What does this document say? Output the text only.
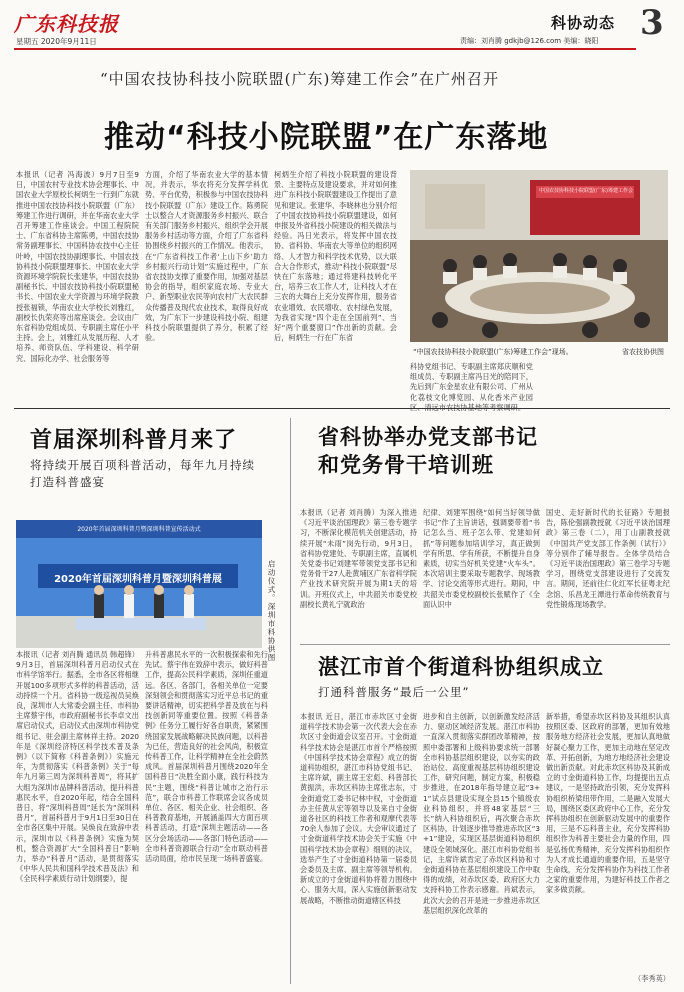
广东科技报
星期五 2020年9月11日
科协动态 3
责编：刘肖腾 gdkjb@126.com 美编：晓阳
“中国农技协科技小院联盟(广东)筹建工作会”在广州召开
推动“科技小院联盟”在广东落地
本报讯（记者 冯海波）9月7日至9日，中国农村专业技术协会理事长、中国农业大学原校长柯炳生一行到广东就推进中国农技协科技小院联盟（广东）筹建工作进行调研，并在华南农业大学召开筹建工作座谈会。中国工程院院士、广东省科协主席陈勇，中国农技协常务副理事长、中国科协农技中心主任叶岭，中国农技协副理事长、中国农技协科技小院联盟理事长、中国农业大学资源环境学院院长张建华，中国农技协副秘书长、中国农技协科技小院联盟秘书长、中国农业大学资源与环境学院教授张福锁，华南农业大学校长刘雅红，副校长仇荣亮等出席座谈会。会议由广东省科协党组成员、专职副主席任小平主持。会上，刘雅红从发展历程、人才培养、师资队伍、学科建设、科学研究、国际化办学、社会服务等
方面，介绍了华南农业大学的基本情况，并表示，华农将充分发挥学科优势、平台优势，积极参与中国农技协科技小院联盟（广东）建设工作。陈勇院士以整合人才资源服务乡村振兴、联合有关部门服务乡村振兴、组织学会开展服务乡村活动等方面，介绍了广东省科协围绕乡村振兴的工作情况。他表示，在“广东省科技工作者‘上山下乡’助力乡村振兴行动计划”实施过程中，广东省农技协支撑了重要作用，加强对基层协会的指导，组织家庭农场、专业大户、新型职业农民等向农村广大农民群众传播普及现代农业技术，取得良好成效，为广东下一步建设科技小院、组建科技小院联盟提供了养分，积累了经验。
柯炳生介绍了科技小院联盟的建设背景、主要特点及建设要求，并对如何推进广东科技小院联盟建设工作提出了意见和建议。张建华、李晓林也分别介绍了中国农技协科技小院联盟建设，如何申报及外省科技小院建设的相关做法与经验。冯日光表示，将发挥中国农技协、省科协、华南农大等单位的组织网络、人才智力和科学技术优势，以大联合大合作形式，推动“科技小院联盟”尽快在广东落地；通过将建科技转化平台，培养三农工作人才，让科技人才在三农的大舞台上充分发挥作用，服务省农业增效、农民增收、农村绿色发展，为我省实现“四个走在全国前列”、当好“两个重要窗口”作出新的贡献。会后，柯炳生一行在广东省
中国农技协科技小院联盟(广东)筹建工作会
“中国农技协科技小院联盟(广东)筹建工作会”现场。	省农技协供图
科协党组书记、专职副主席郑庆顺和党组成员、专职副主席冯日光的陪同下，先后到广东金星农业有限公司、广州从化荔枝文化博览园、从化香米产业园
首届深圳科普月来了
将持续开展百项科普活动，每年九月持续
打造科普盛宴
2020年首届深圳科普月暨深圳科普宣传活动式
2020年首届深圳科普月暨深圳科普展	启动仪式。深圳市科协供图
本报讯（记者 刘肖腾 通讯员 韩超锋）9月3日，首届深圳科普月启动仪式在市科学馆举行。据悉，全市各区将相继开展100多项形式多样的科普活动，活动持续一个月。省科协一级巡视员吴焕良，深圳市人大常委会副主任、市科协主席蔡宇伟，市政府副秘书长李卓文出席启动仪式，启动仪式由深圳市科协党组书记、驻会副主席林祥主持。2020年是《深圳经济特区科学技术普及条例》（以下简称《科普条例》）实施元年，为贯彻落实《科普条例》关于“每年九月第三周为深圳科普周”，将其扩大组为深圳市品牌科普活动，提升科普惠民水平，自2020年起，结合全国科普日，将“深圳科普周”延长为“深圳科普月”，首届科普月于9月1日至30日在全市各区集中开展。吴焕良在致辞中表示，深圳市以《科普条例》实施为契机，整合资源扩大“全国科普日”影响力，举办“科普月”活动，是贯彻落实《中华人民共和国科学技术普及法》和《全民科学素质行动计划纲要》，提
升科普惠民水平的一次积极探索和先行先试。蔡宇伟在致辞中表示，做好科普工作，提高公民科学素质，深圳任重道远。各区、各部门，各相关单位一定要深刻领会和贯彻落实习近平总书记的重要讲话精神，切实把科学普及放在与科技创新同等重要位置。按照《科普条例》任务分工履行好各自职责，紧紧围绕国家发展战略解决民族问题，以科普为已任，营造良好的社会风尚，积极宣传科普工作，让科学精神在全社会蔚然成风。首届深圳科普月围绕2020年全国科普日“决胜全面小康，践行科技为民”主题，围绕“科普让城市之治行示范”，联合市科普工作联席会议各成员单位、各区、相关企业、社会组织、各科普教育基地，开展涵盖四大方面百项科普活动，打造“深圳主题活动——各区分会场活动——各部门特色活动——全市科普资源联合行动”全市联动科普活动局面，给市民呈现一场科普盛宴。
省科协举办党支部书记
和党务骨干培训班
本报讯（记者 刘肖腾）为深入推进《习近平谈治国理政》第三卷专题学习，不断深化模范机关创建活动，持续开展“未雨”岗先行动，9月3日，省科协党建处、专职副主席，直属机关党委书记刘建军带领党支部书记和党务骨干27人赴黄埔区广东省科学院产业技术研究院开展为期1天的培训。开班仪式上，中共韶关市委党校副校长黄礼宁就政治
纪律、刘建军围绕“如何当好领导做书记”作了主旨讲话，强调要带着“书记怎么当、班子怎么带、党建如何抓”等问题参加培训学习，真正做到学有所思、学有所获，不断提升自身素质，切实当好机关党建“火车头”。本次培训主要采取专题教学、现场教学、讨论交流等形式进行。期间，中共韶关市委党校副校长张赋作了《全面认识中
国史、走好新时代的长征路》专题报告，陈伦强副教授就《习近平谈治国理政》第三卷（二），用丁山副教授就《中国共产党支部工作条例（试行）》等分别作了辅导报告。全体学员结合《习近平谈治国理政》第三卷学习专题学习，围绕党支部建设进行了交流发言。期间，还前往仁化红军长征粤北纪念馆、乐昌龙王潭进行革命传统教育与党性锻炼现场教学。
湛江市首个街道科协组织成立
打通科普服务“最后一公里”
本报讯 近日，湛江市赤坎区寸金街道科学技术协会第一次代表大会在赤坎区寸金街道会议室召开。寸金街道科学技术协会是湛江市首个严格按照《中国科学技术协会章程》成立的街道科协组织，湛江市科协党组书记、主席许斌，副主席王宏彪、科普部长黄振洪，赤坎区科协主席张志东，寸金街道党工委书记林中权，寸金街道办主任黄从宏等领导以及来自寸金街道各社区的科技工作者和观摩代表等70余人参加了会议。大会审议通过了寸金街道科学技术协会关于实施《中国科学技术协会章程》细则的决议，选举产生了寸金街道科协第一届委员会委员及主席、副主席等领导机构。新成立的寸金街道科协将着力围绕中心、服务大局，深入实施创新驱动发展战略，不断推动街道辖区科技
进步和自主创新，以创新激发经济活力、驱动区域经济发展。湛江市科协一直深入贯彻落实群团改革精神，按照中委部署和上级科协要求统一部署全市科协基层组织建设，以夯实的政治站位、高度重视基层科协组织建设工作，研究问题，制定方案，积极稳步推进，在2018年指导建立起“3+1”试点县建设实现全县15个镇级农业科协组织，并将48家基层“三长”纳入科协组织后，再次聚合赤坎区科协，计划逐步推导推进赤坎区“3+1”建设，实现区基层街道科协组织建设全领域深化。湛江市科协党组书记，主席许斌肯定了赤坎区科协和寸金街道科协在基层组织建设工作中取得的成绩，对赤坎区委、政府区大力支持科协工作表示感谢。肖斌表示，此次大会的召开是进一步推进赤坎区基层组织深化改革的
新举措，希望赤坎区科协及其组织认真按照区委、区政府的部署，更加有效地服务地方经济社会发展，更加认真地做好凝心聚力工作，更加主动地在坚定改革、开拓创新，为地方地经济社会建设做出新贡献。对此赤坎区科协及其新成立的寸金街道科协工作，均提提出五点建议，一是坚持政治引领，充分发挥科协组织桥梁纽带作用，二是融入发展大局，围绕区委区政府中心工作，充分发挥科协组织在创新驱动发展中的重要作用，三是不忘科普主业，充分发挥科协组织作为科普主要社会力量的作用，四是弘扬优秀精神，充分发挥科协组织作为人才成长通道的重要作用，五是坚守生命线，充分发挥科协作为科技工作者之家的重要作用，为建好科技工作者之家多做贡献。
（李秀英）
